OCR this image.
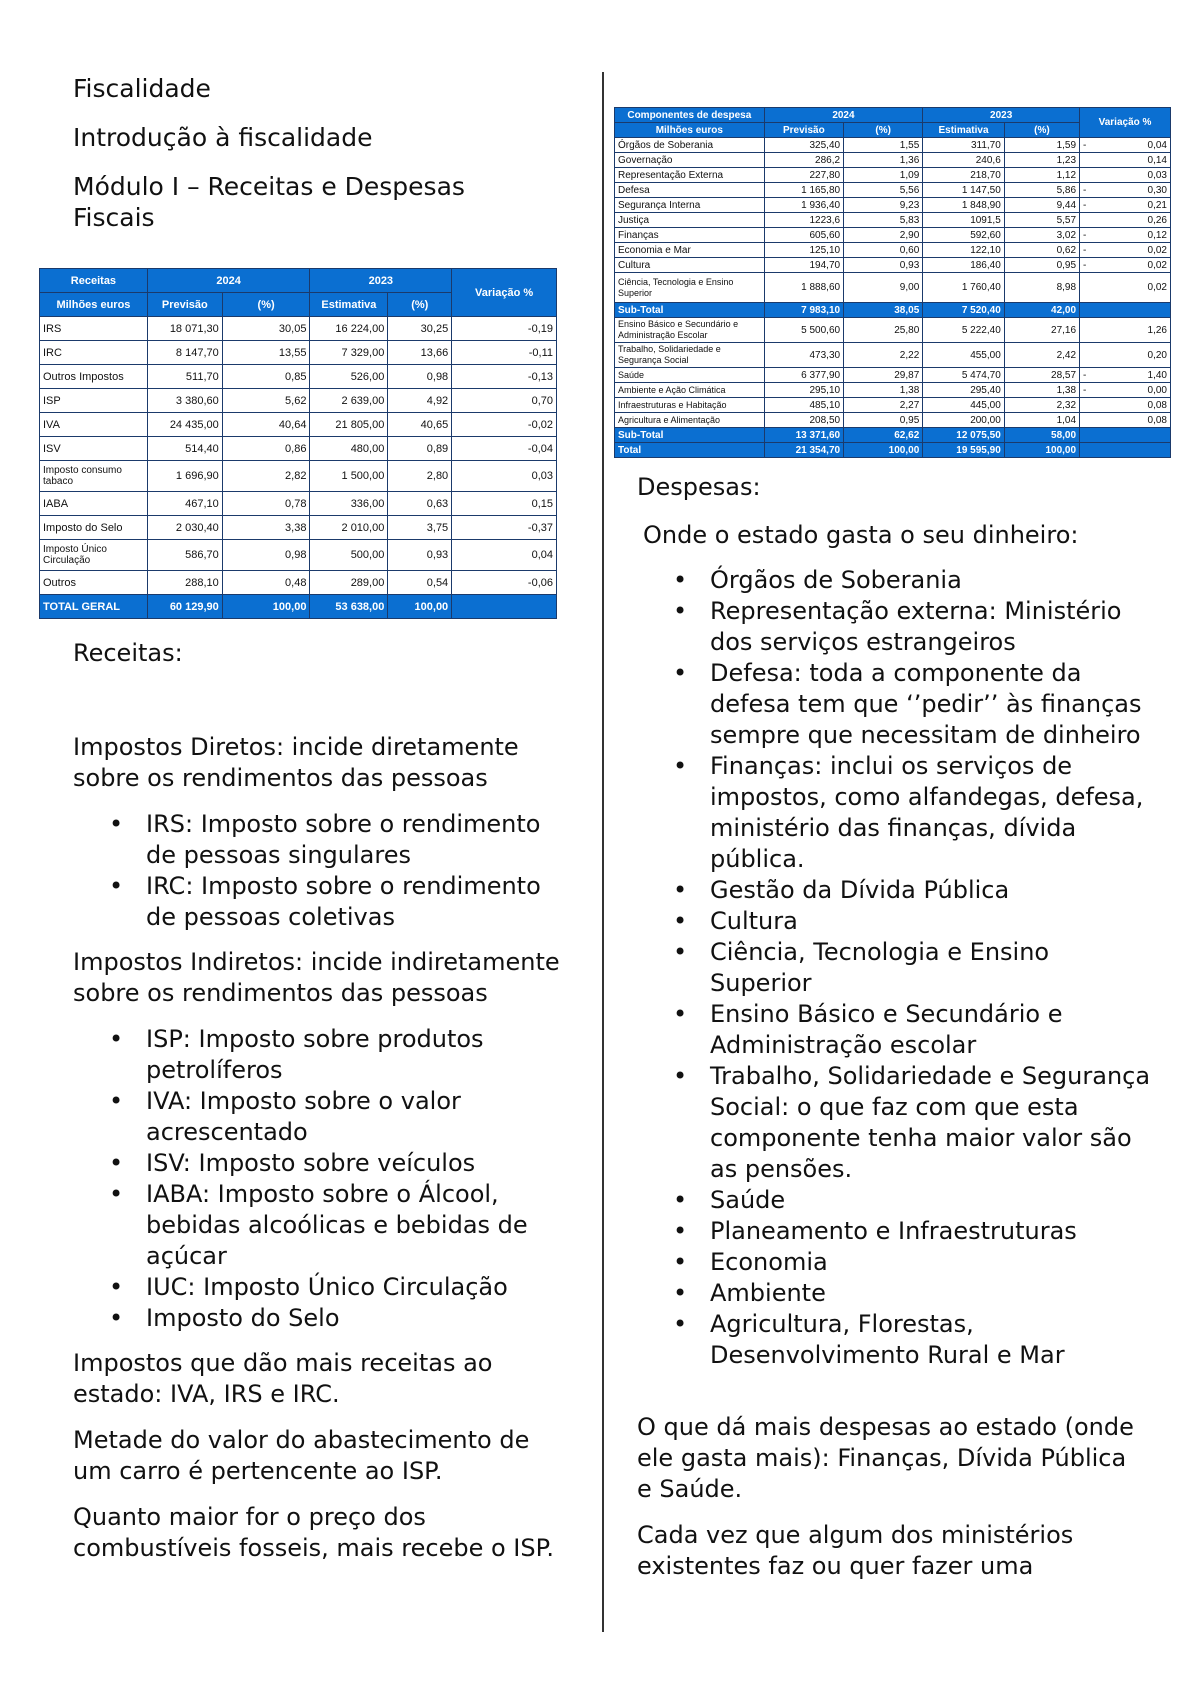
Fiscalidade

Introdução à fiscalidade

Módulo I – Receitas e Despesas Fiscais

Receitas:

Impostos Diretos: incide diretamente sobre os rendimentos das pessoas

• IRS: Imposto sobre o rendimento de pessoas singulares
• IRC: Imposto sobre o rendimento de pessoas coletivas

Impostos Indiretos: incide indiretamente sobre os rendimentos das pessoas

• ISP: Imposto sobre produtos petrolíferos
• IVA: Imposto sobre o valor acrescentado
• ISV: Imposto sobre veículos
• IABA: Imposto sobre o Álcool, bebidas alcoólicas e bebidas de açúcar
• IUC: Imposto Único Circulação
• Imposto do Selo

Impostos que dão mais receitas ao estado: IVA, IRS e IRC.

Metade do valor do abastecimento de um carro é pertencente ao ISP.

Quanto maior for o preço dos combustíveis fosseis, mais recebe o ISP.

Receitas	2024		2023		Variação %
Milhões euros	Previsão	(%)	Estimativa	(%)	
IRS	18 071,30	30,05	16 224,00	30,25	-0,19
IRC	8 147,70	13,55	7 329,00	13,66	-0,11
Outros Impostos	511,70	0,85	526,00	0,98	-0,13
ISP	3 380,60	5,62	2 639,00	4,92	0,70
IVA	24 435,00	40,64	21 805,00	40,65	-0,02
ISV	514,40	0,86	480,00	0,89	-0,04
Imposto consumo tabaco	1 696,90	2,82	1 500,00	2,80	0,03
IABA	467,10	0,78	336,00	0,63	0,15
Imposto do Selo	2 030,40	3,38	2 010,00	3,75	-0,37
Imposto Único Circulação	586,70	0,98	500,00	0,93	0,04
Outros	288,10	0,48	289,00	0,54	-0,06
TOTAL GERAL	60 129,90	100,00	53 638,00	100,00	
Componentes de despesa	2024		2023		Variação %	
Milhões euros	Previsão	(%)	Estimativa	(%)		
Órgãos de Soberania	325,40	1,55	311,70	1,59	-	0,04
Governação	286,2	1,36	240,6	1,23		0,14
Representação Externa	227,80	1,09	218,70	1,12		0,03
Defesa	1 165,80	5,56	1 147,50	5,86	-	0,30
Segurança Interna	1 936,40	9,23	1 848,90	9,44	-	0,21
Justiça	1223,6	5,83	1091,5	5,57		0,26
Finanças	605,60	2,90	592,60	3,02	-	0,12
Economia e Mar	125,10	0,60	122,10	0,62	-	0,02
Cultura	194,70	0,93	186,40	0,95	-	0,02
Ciência, Tecnologia e Ensino Superior	1 888,60	9,00	1 760,40	8,98		0,02
Sub-Total	7 983,10	38,05	7 520,40	42,00		
Ensino Básico e Secundário e Administração Escolar	5 500,60	25,80	5 222,40	27,16		1,26
Trabalho, Solidariedade e Segurança Social	473,30	2,22	455,00	2,42		0,20
Saúde	6 377,90	29,87	5 474,70	28,57	-	1,40
Ambiente e Ação Climática	295,10	1,38	295,40	1,38	-	0,00
Infraestruturas e Habitação	485,10	2,27	445,00	2,32		0,08
Agricultura e Alimentação	208,50	0,95	200,00	1,04		0,08
Sub-Total	13 371,60	62,62	12 075,50	58,00		
Total	21 354,70	100,00	19 595,90	100,00		

Despesas:

Onde o estado gasta o seu dinheiro:

• Órgãos de Soberania
• Representação externa: Ministério dos serviços estrangeiros
• Defesa: toda a componente da defesa tem que ‘’pedir’’ às finanças sempre que necessitam de dinheiro
• Finanças: inclui os serviços de impostos, como alfandegas, defesa, ministério das finanças, dívida pública.
• Gestão da Dívida Pública
• Cultura
• Ciência, Tecnologia e Ensino Superior
• Ensino Básico e Secundário e Administração escolar
• Trabalho, Solidariedade e Segurança Social: o que faz com que esta componente tenha maior valor são as pensões.
• Saúde
• Planeamento e Infraestruturas
• Economia
• Ambiente
• Agricultura, Florestas, Desenvolvimento Rural e Mar

O que dá mais despesas ao estado (onde ele gasta mais): Finanças, Dívida Pública e Saúde.

Cada vez que algum dos ministérios existentes faz ou quer fazer uma
